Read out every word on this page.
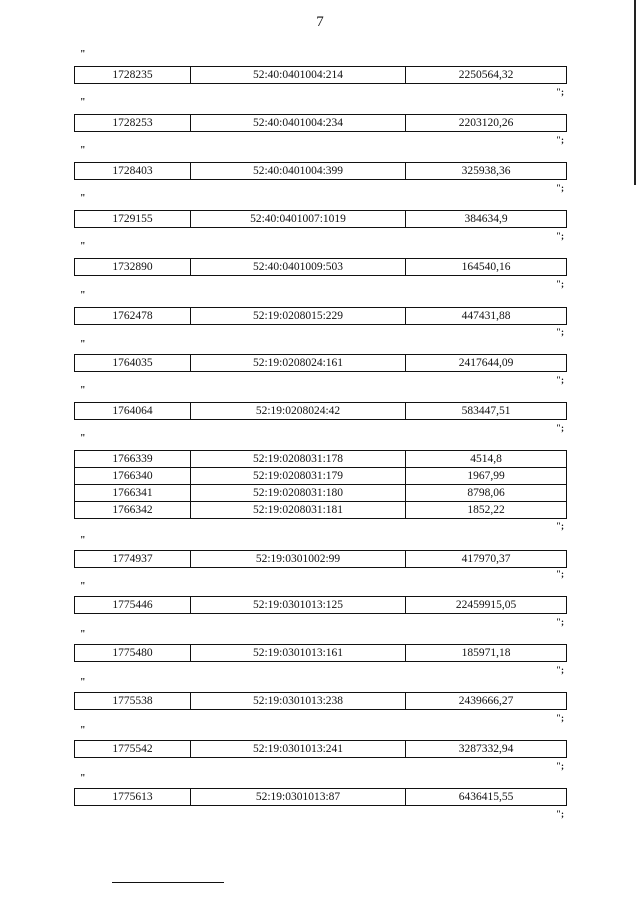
7
"
1728235	52:40:0401004:214	2250564,32
";
"
1728253	52:40:0401004:234	2203120,26
";
"
1728403	52:40:0401004:399	325938,36
";
"
1729155	52:40:0401007:1019	384634,9
";
"
1732890	52:40:0401009:503	164540,16
";
"
1762478	52:19:0208015:229	447431,88
";
"
1764035	52:19:0208024:161	2417644,09
";
"
1764064	52:19:0208024:42	583447,51
";
"
1766339	52:19:0208031:178	4514,8
1766340	52:19:0208031:179	1967,99
1766341	52:19:0208031:180	8798,06
1766342	52:19:0208031:181	1852,22
";
"
1774937	52:19:0301002:99	417970,37
";
"
1775446	52:19:0301013:125	22459915,05
";
"
1775480	52:19:0301013:161	185971,18
";
"
1775538	52:19:0301013:238	2439666,27
";
"
1775542	52:19:0301013:241	3287332,94
";
"
1775613	52:19:0301013:87	6436415,55
";
